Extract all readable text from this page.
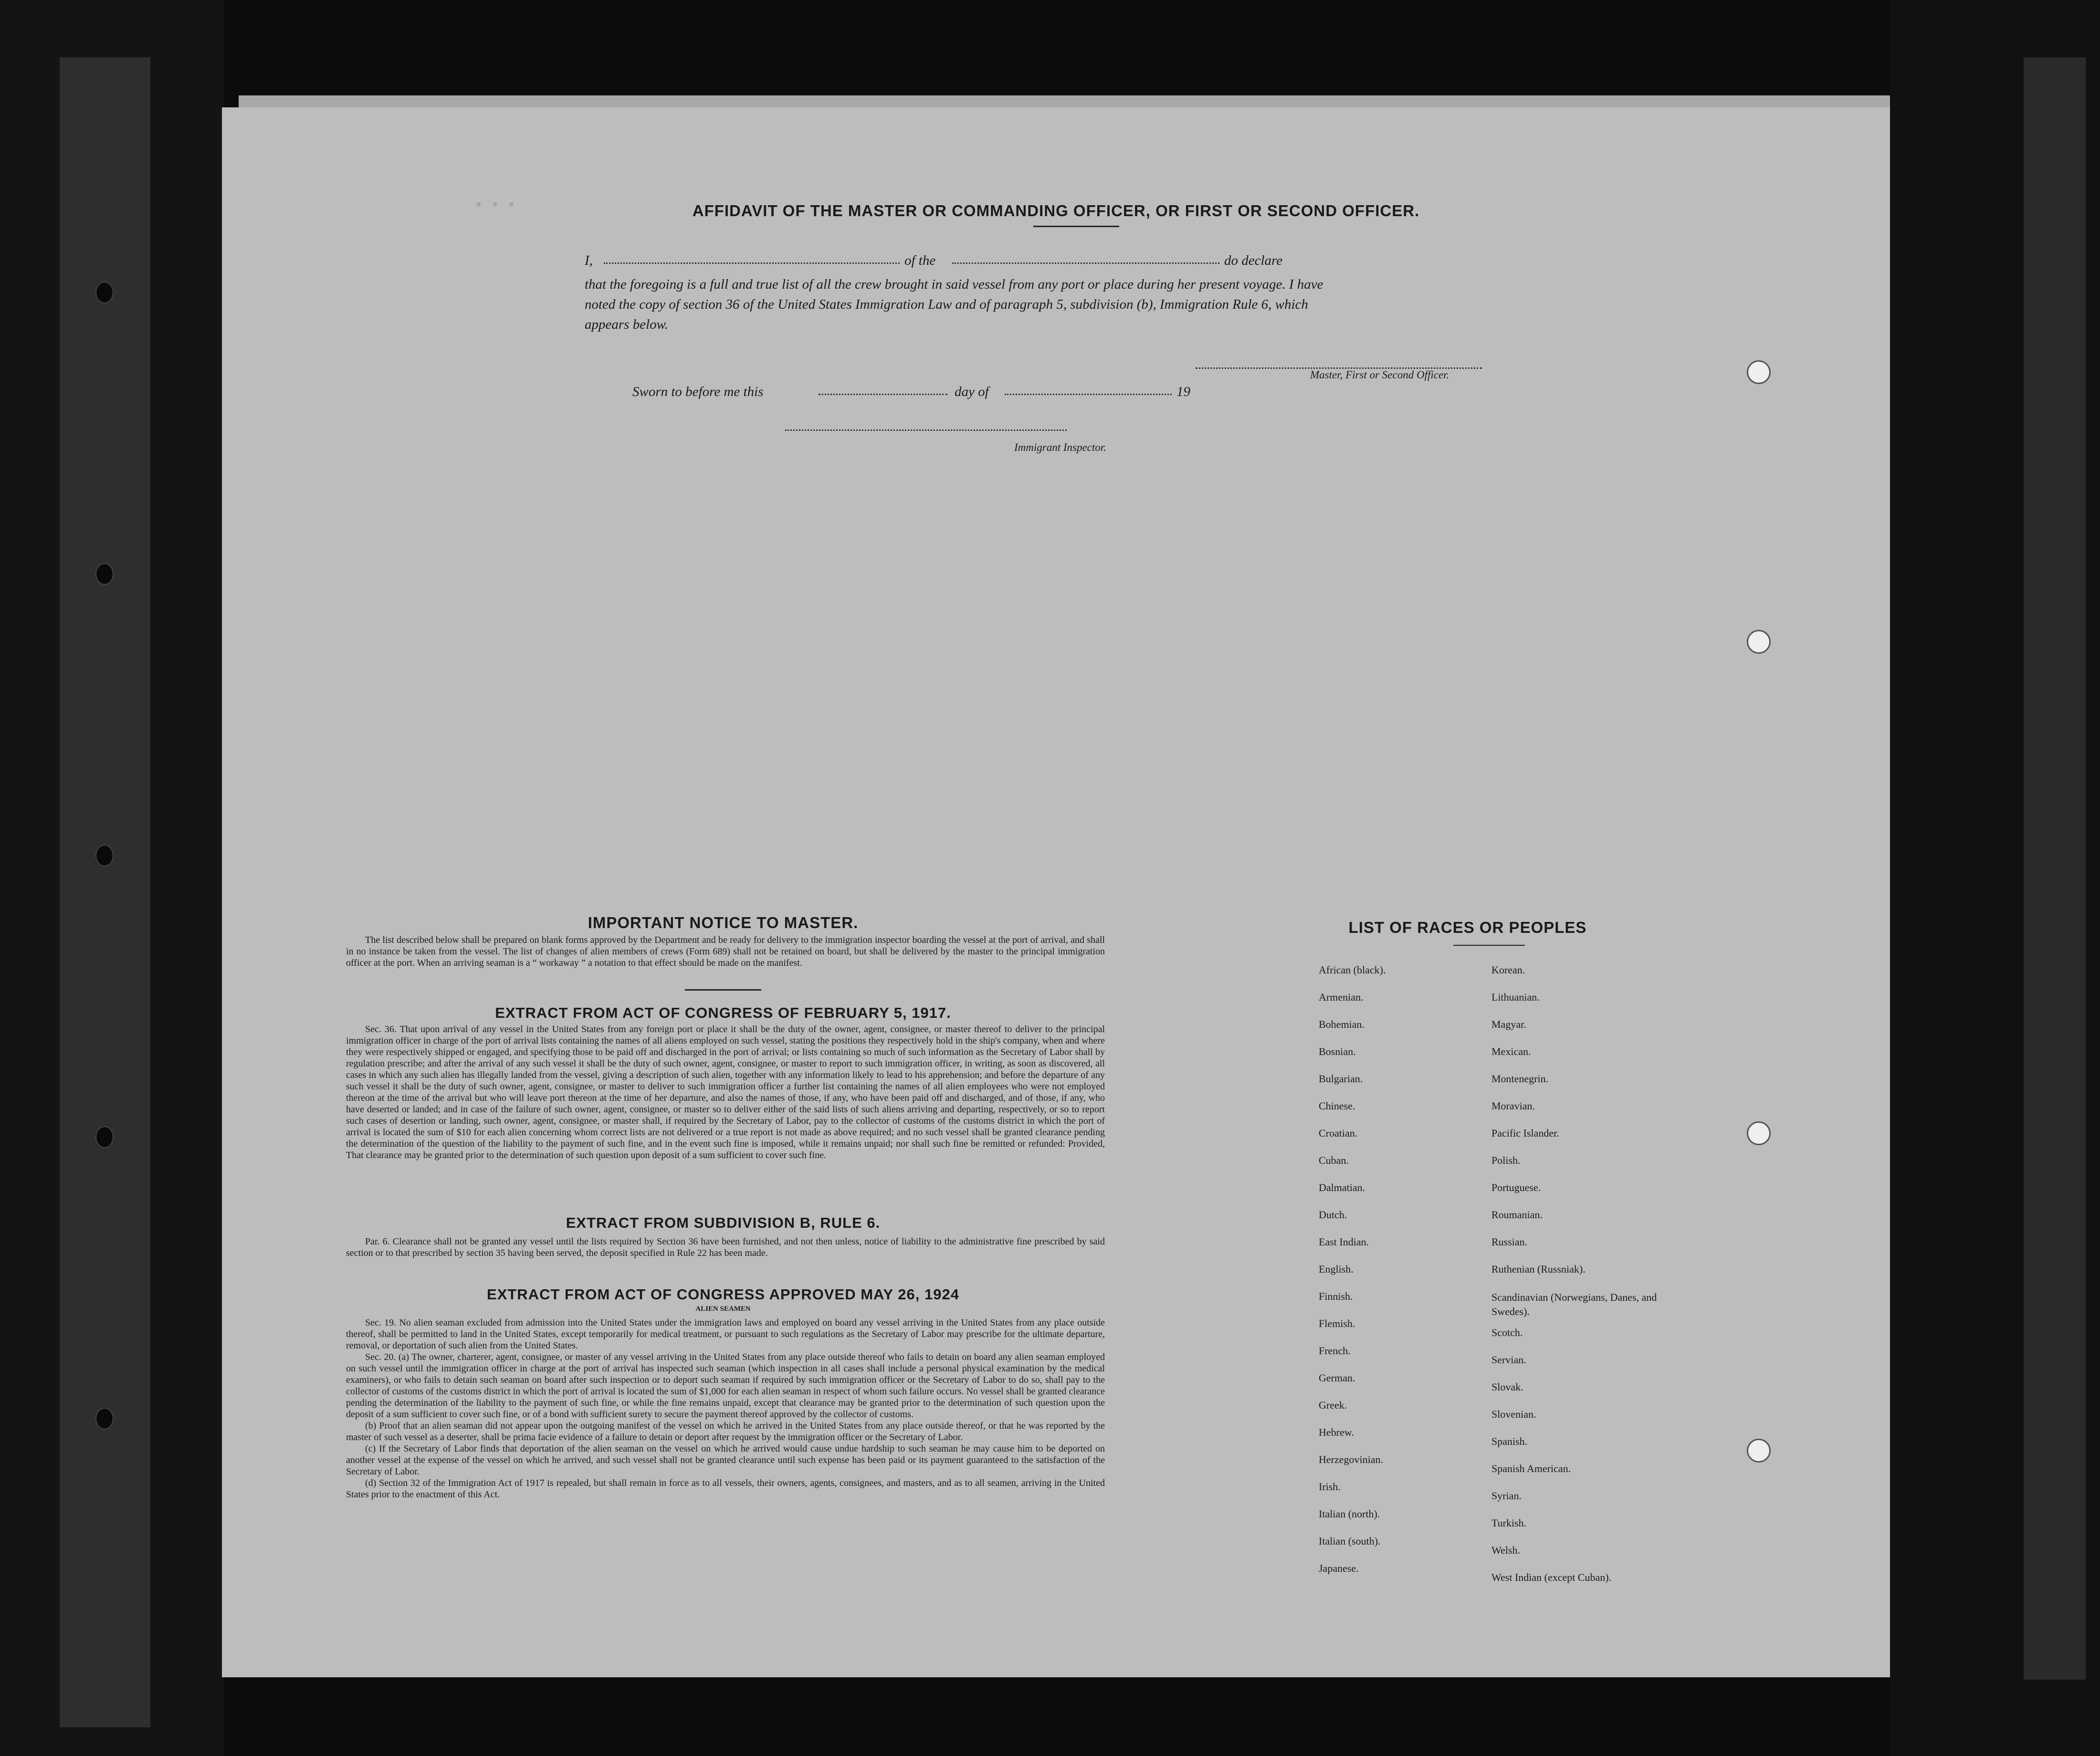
· · ·	AFFIDAVIT OF THE MASTER OR COMMANDING OFFICER, OR FIRST OR SECOND OFFICER.
I,	of the	do declare
that the foregoing is a full and true list of all the crew brought in said vessel from any port or place during her present voyage. I have noted the copy of section 36 of the United States Immigration Law and of paragraph 5, subdivision (b), Immigration Rule 6, which appears below.
Master, First or Second Officer.
Sworn to before me this	day of	19
Immigrant Inspector.
IMPORTANT NOTICE TO MASTER.
The list described below shall be prepared on blank forms approved by the Department and be ready for delivery to the immigration inspector boarding the vessel at the port of arrival, and shall in no instance be taken from the vessel. The list of changes of alien members of crews (Form 689) shall not be retained on board, but shall be delivered by the master to the principal immigration officer at the port. When an arriving seaman is a “ workaway ” a notation to that effect should be made on the manifest.
EXTRACT FROM ACT OF CONGRESS OF FEBRUARY 5, 1917.
Sec. 36. That upon arrival of any vessel in the United States from any foreign port or place it shall be the duty of the owner, agent, consignee, or master thereof to deliver to the principal immigration officer in charge of the port of arrival lists containing the names of all aliens employed on such vessel, stating the positions they respectively hold in the ship's company, when and where they were respectively shipped or engaged, and specifying those to be paid off and discharged in the port of arrival; or lists containing so much of such information as the Secretary of Labor shall by regulation prescribe; and after the arrival of any such vessel it shall be the duty of such owner, agent, consignee, or master to report to such immigration officer, in writing, as soon as discovered, all cases in which any such alien has illegally landed from the vessel, giving a description of such alien, together with any information likely to lead to his apprehension; and before the departure of any such vessel it shall be the duty of such owner, agent, consignee, or master to deliver to such immigration officer a further list containing the names of all alien employees who were not employed thereon at the time of the arrival but who will leave port thereon at the time of her departure, and also the names of those, if any, who have been paid off and discharged, and of those, if any, who have deserted or landed; and in case of the failure of such owner, agent, consignee, or master so to deliver either of the said lists of such aliens arriving and departing, respectively, or so to report such cases of desertion or landing, such owner, agent, consignee, or master shall, if required by the Secretary of Labor, pay to the collector of customs of the customs district in which the port of arrival is located the sum of $10 for each alien concerning whom correct lists are not delivered or a true report is not made as above required; and no such vessel shall be granted clearance pending the determination of the question of the liability to the payment of such fine, and in the event such fine is imposed, while it remains unpaid; nor shall such fine be remitted or refunded: Provided, That clearance may be granted prior to the determination of such question upon deposit of a sum sufficient to cover such fine.
EXTRACT FROM SUBDIVISION B, RULE 6.
Par. 6. Clearance shall not be granted any vessel until the lists required by Section 36 have been furnished, and not then unless, notice of liability to the administrative fine prescribed by said section or to that prescribed by section 35 having been served, the deposit specified in Rule 22 has been made.
EXTRACT FROM ACT OF CONGRESS APPROVED MAY 26, 1924
ALIEN SEAMEN
Sec. 19. No alien seaman excluded from admission into the United States under the immigration laws and employed on board any vessel arriving in the United States from any place outside thereof, shall be permitted to land in the United States, except temporarily for medical treatment, or pursuant to such regulations as the Secretary of Labor may prescribe for the ultimate departure, removal, or deportation of such alien from the United States.
Sec. 20. (a) The owner, charterer, agent, consignee, or master of any vessel arriving in the United States from any place outside thereof who fails to detain on board any alien seaman employed on such vessel until the immigration officer in charge at the port of arrival has inspected such seaman (which inspection in all cases shall include a personal physical examination by the medical examiners), or who fails to detain such seaman on board after such inspection or to deport such seaman if required by such immigration officer or the Secretary of Labor to do so, shall pay to the collector of customs of the customs district in which the port of arrival is located the sum of $1,000 for each alien seaman in respect of whom such failure occurs. No vessel shall be granted clearance pending the determination of the liability to the payment of such fine, or while the fine remains unpaid, except that clearance may be granted prior to the determination of such question upon the deposit of a sum sufficient to cover such fine, or of a bond with sufficient surety to secure the payment thereof approved by the collector of customs.
(b) Proof that an alien seaman did not appear upon the outgoing manifest of the vessel on which he arrived in the United States from any place outside thereof, or that he was reported by the master of such vessel as a deserter, shall be prima facie evidence of a failure to detain or deport after request by the immigration officer or the Secretary of Labor.
(c) If the Secretary of Labor finds that deportation of the alien seaman on the vessel on which he arrived would cause undue hardship to such seaman he may cause him to be deported on another vessel at the expense of the vessel on which he arrived, and such vessel shall not be granted clearance until such expense has been paid or its payment guaranteed to the satisfaction of the Secretary of Labor.
(d) Section 32 of the Immigration Act of 1917 is repealed, but shall remain in force as to all vessels, their owners, agents, consignees, and masters, and as to all seamen, arriving in the United States prior to the enactment of this Act.
LIST OF RACES OR PEOPLES
African (black).
Armenian.
Bohemian.
Bosnian.
Bulgarian.
Chinese.
Croatian.
Cuban.
Dalmatian.
Dutch.
East Indian.
English.
Finnish.
Flemish.
French.
German.
Greek.
Hebrew.
Herzegovinian.
Irish.
Italian (north).
Italian (south).
Japanese.
Korean.
Lithuanian.
Magyar.
Mexican.
Montenegrin.
Moravian.
Pacific Islander.
Polish.
Portuguese.
Roumanian.
Russian.
Ruthenian (Russniak).
Scandinavian (Norwegians, Danes, and Swedes).
Scotch.
Servian.
Slovak.
Slovenian.
Spanish.
Spanish American.
Syrian.
Turkish.
Welsh.
West Indian (except Cuban).
